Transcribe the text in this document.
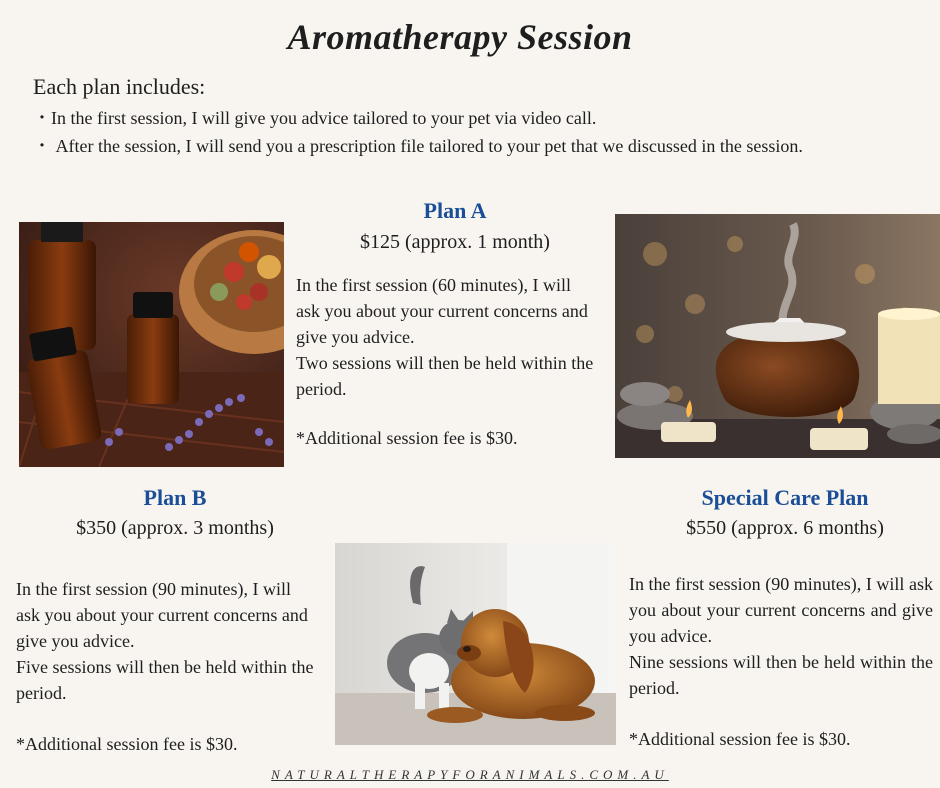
Aromatherapy Session
Each plan includes:
・In the first session, I will give you advice tailored to your pet via video call.
・ After the session, I will send you a prescription file tailored to your pet that we discussed in the session.
Plan A
$125 (approx. 1 month)
In the first session (60 minutes), I will ask you about your current concerns and give you advice.
Two sessions will then be held within the period.
*Additional session fee is $30.
Plan B
$350 (approx. 3 months)
In the first session (90 minutes), I will ask you about your current concerns and give you advice.
Five sessions will then be held within the period.
*Additional session fee is $30.
Special Care Plan
$550 (approx. 6 months)
In the first session (90 minutes), I will ask you about your current concerns and give you advice.
Nine sessions will then be held within the period.
*Additional session fee is $30.
NATURALTHERAPYFORANIMALS.COM.AU
